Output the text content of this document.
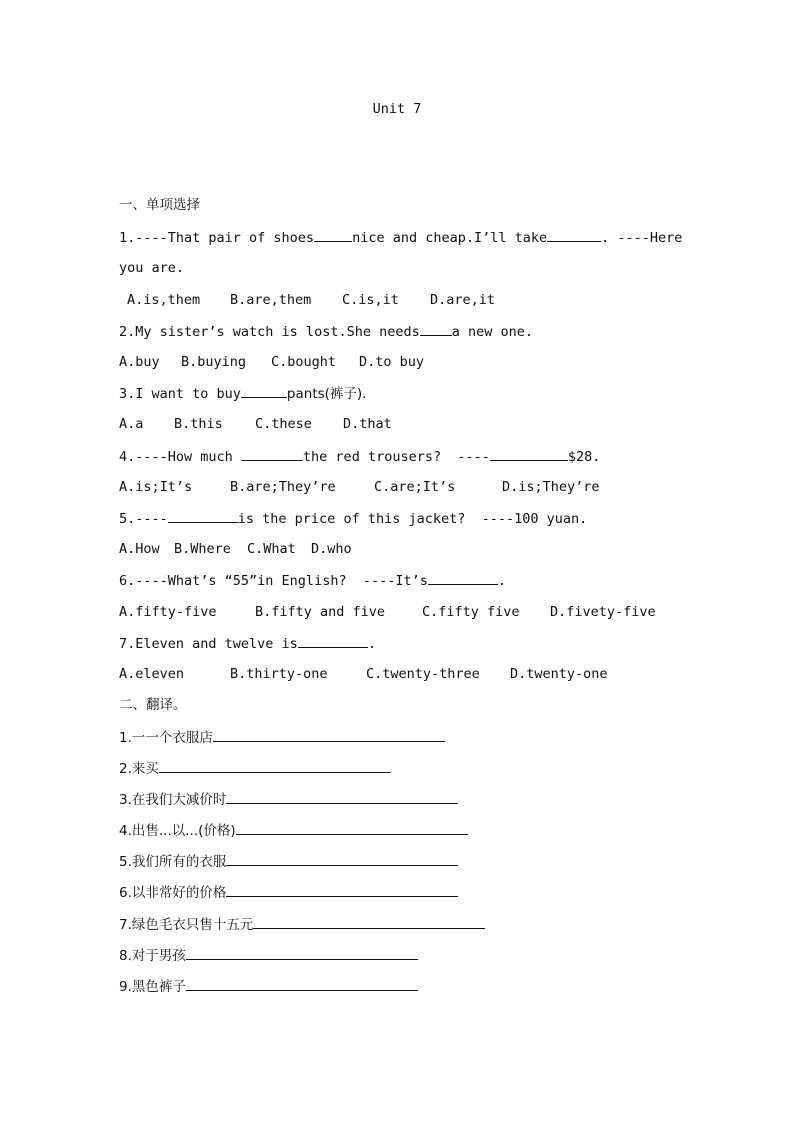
Unit 7
一、单项选择
1.----That pair of shoes	nice and cheap.I’ll take	. ----Here
you are.
A.is,them B.are,them C.is,it D.are,it
2.My sister’s watch is lost.She needs a new one.
A.buy B.buying C.bought D.to buy
3.I want to buy	pants(裤子).
A.a B.this C.these D.that
4.----How much	the red trousers?  ----	$28.
A.is;It’s	B.are;They’re	C.are;It’s	D.is;They’re
5.----	is the price of this jacket?  ----100 yuan.
A.How B.Where C.What D.who
6.----What’s “55”in English?  ----It’s	.
A.fifty-five	B.fifty and five	C.fifty five D.fivety-five
7.Eleven and twelve is	.
A.eleven	B.thirty-one	C.twenty-three D.twenty-one
二、翻译。
1.一一个衣服店
2.来买
3.在我们大减价时
4.出售...以...(价格)
5.我们所有的衣服
6.以非常好的价格
7.绿色毛衣只售十五元
8.对于男孩
9.黑色裤子
